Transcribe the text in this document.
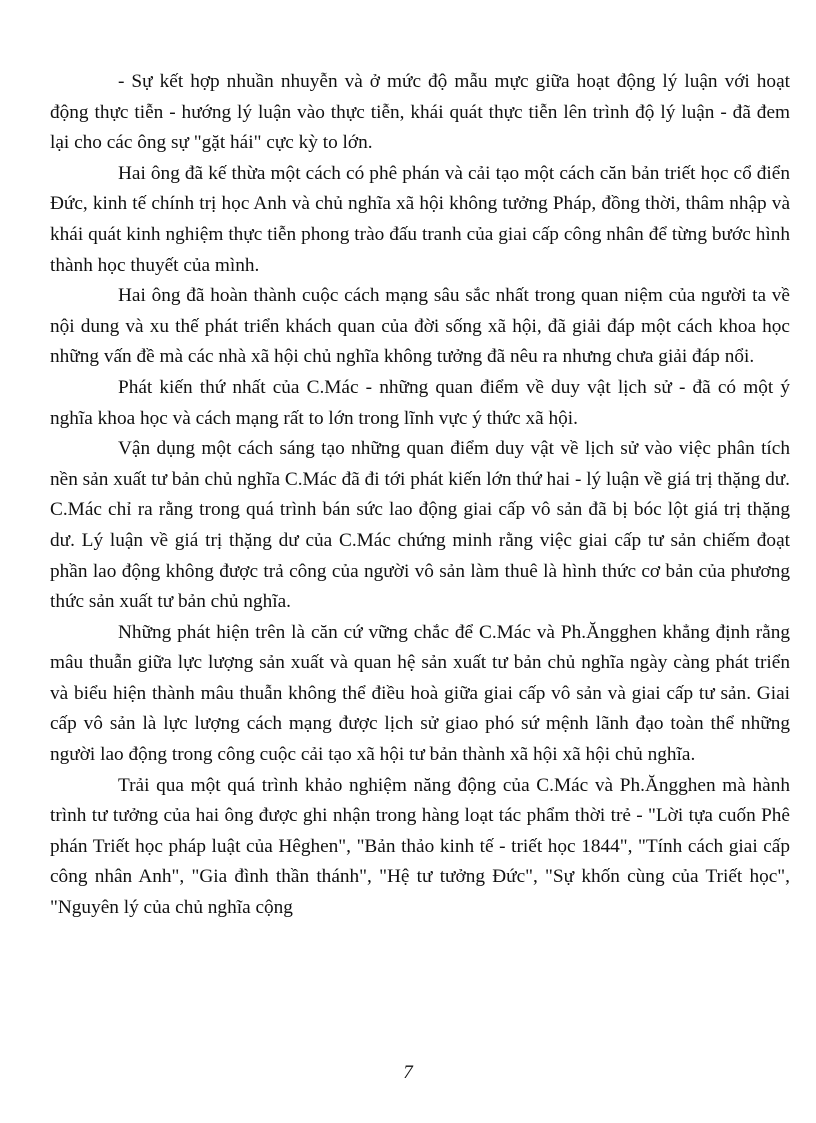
- Sự kết hợp nhuần nhuyễn và ở mức độ mẫu mực giữa hoạt động lý luận với hoạt động thực tiễn - hướng lý luận vào thực tiễn, khái quát thực tiễn lên trình độ lý luận - đã đem lại cho các ông sự "gặt hái" cực kỳ to lớn.

Hai ông đã kế thừa một cách có phê phán và cải tạo một cách căn bản triết học cổ điển Đức, kinh tế chính trị học Anh và chủ nghĩa xã hội không tưởng Pháp, đồng thời, thâm nhập và khái quát kinh nghiệm thực tiễn phong trào đấu tranh của giai cấp công nhân để từng bước hình thành học thuyết của mình.

Hai ông đã hoàn thành cuộc cách mạng sâu sắc nhất trong quan niệm của người ta về nội dung và xu thế phát triển khách quan của đời sống xã hội, đã giải đáp một cách khoa học những vấn đề mà các nhà xã hội chủ nghĩa không tưởng đã nêu ra nhưng chưa giải đáp nổi.

Phát kiến thứ nhất của C.Mác - những quan điểm về duy vật lịch sử - đã có một ý nghĩa khoa học và cách mạng rất to lớn trong lĩnh vực ý thức xã hội.

Vận dụng một cách sáng tạo những quan điểm duy vật về lịch sử vào việc phân tích nền sản xuất tư bản chủ nghĩa C.Mác đã đi tới phát kiến lớn thứ hai - lý luận về giá trị thặng dư. C.Mác chỉ ra rằng trong quá trình bán sức lao động giai cấp vô sản đã bị bóc lột giá trị thặng dư. Lý luận về giá trị thặng dư của C.Mác chứng minh rằng việc giai cấp tư sản chiếm đoạt phần lao động không được trả công của người vô sản làm thuê là hình thức cơ bản của phương thức sản xuất tư bản chủ nghĩa.

Những phát hiện trên là căn cứ vững chắc để C.Mác và Ph.Ăngghen khẳng định rằng mâu thuẫn giữa lực lượng sản xuất và quan hệ sản xuất tư bản chủ nghĩa ngày càng phát triển và biểu hiện thành mâu thuẫn không thể điều hoà giữa giai cấp vô sản và giai cấp tư sản. Giai cấp vô sản là lực lượng cách mạng được lịch sử giao phó sứ mệnh lãnh đạo toàn thể những người lao động trong công cuộc cải tạo xã hội tư bản thành xã hội xã hội chủ nghĩa.

Trải qua một quá trình khảo nghiệm năng động của C.Mác và Ph.Ăngghen mà hành trình tư tưởng của hai ông được ghi nhận trong hàng loạt tác phẩm thời trẻ - "Lời tựa cuốn Phê phán Triết học pháp luật của Hêghen", "Bản thảo kinh tế - triết học 1844", "Tính cách giai cấp công nhân Anh", "Gia đình thần thánh", "Hệ tư tưởng Đức", "Sự khốn cùng của Triết học", "Nguyên lý của chủ nghĩa cộng

7
